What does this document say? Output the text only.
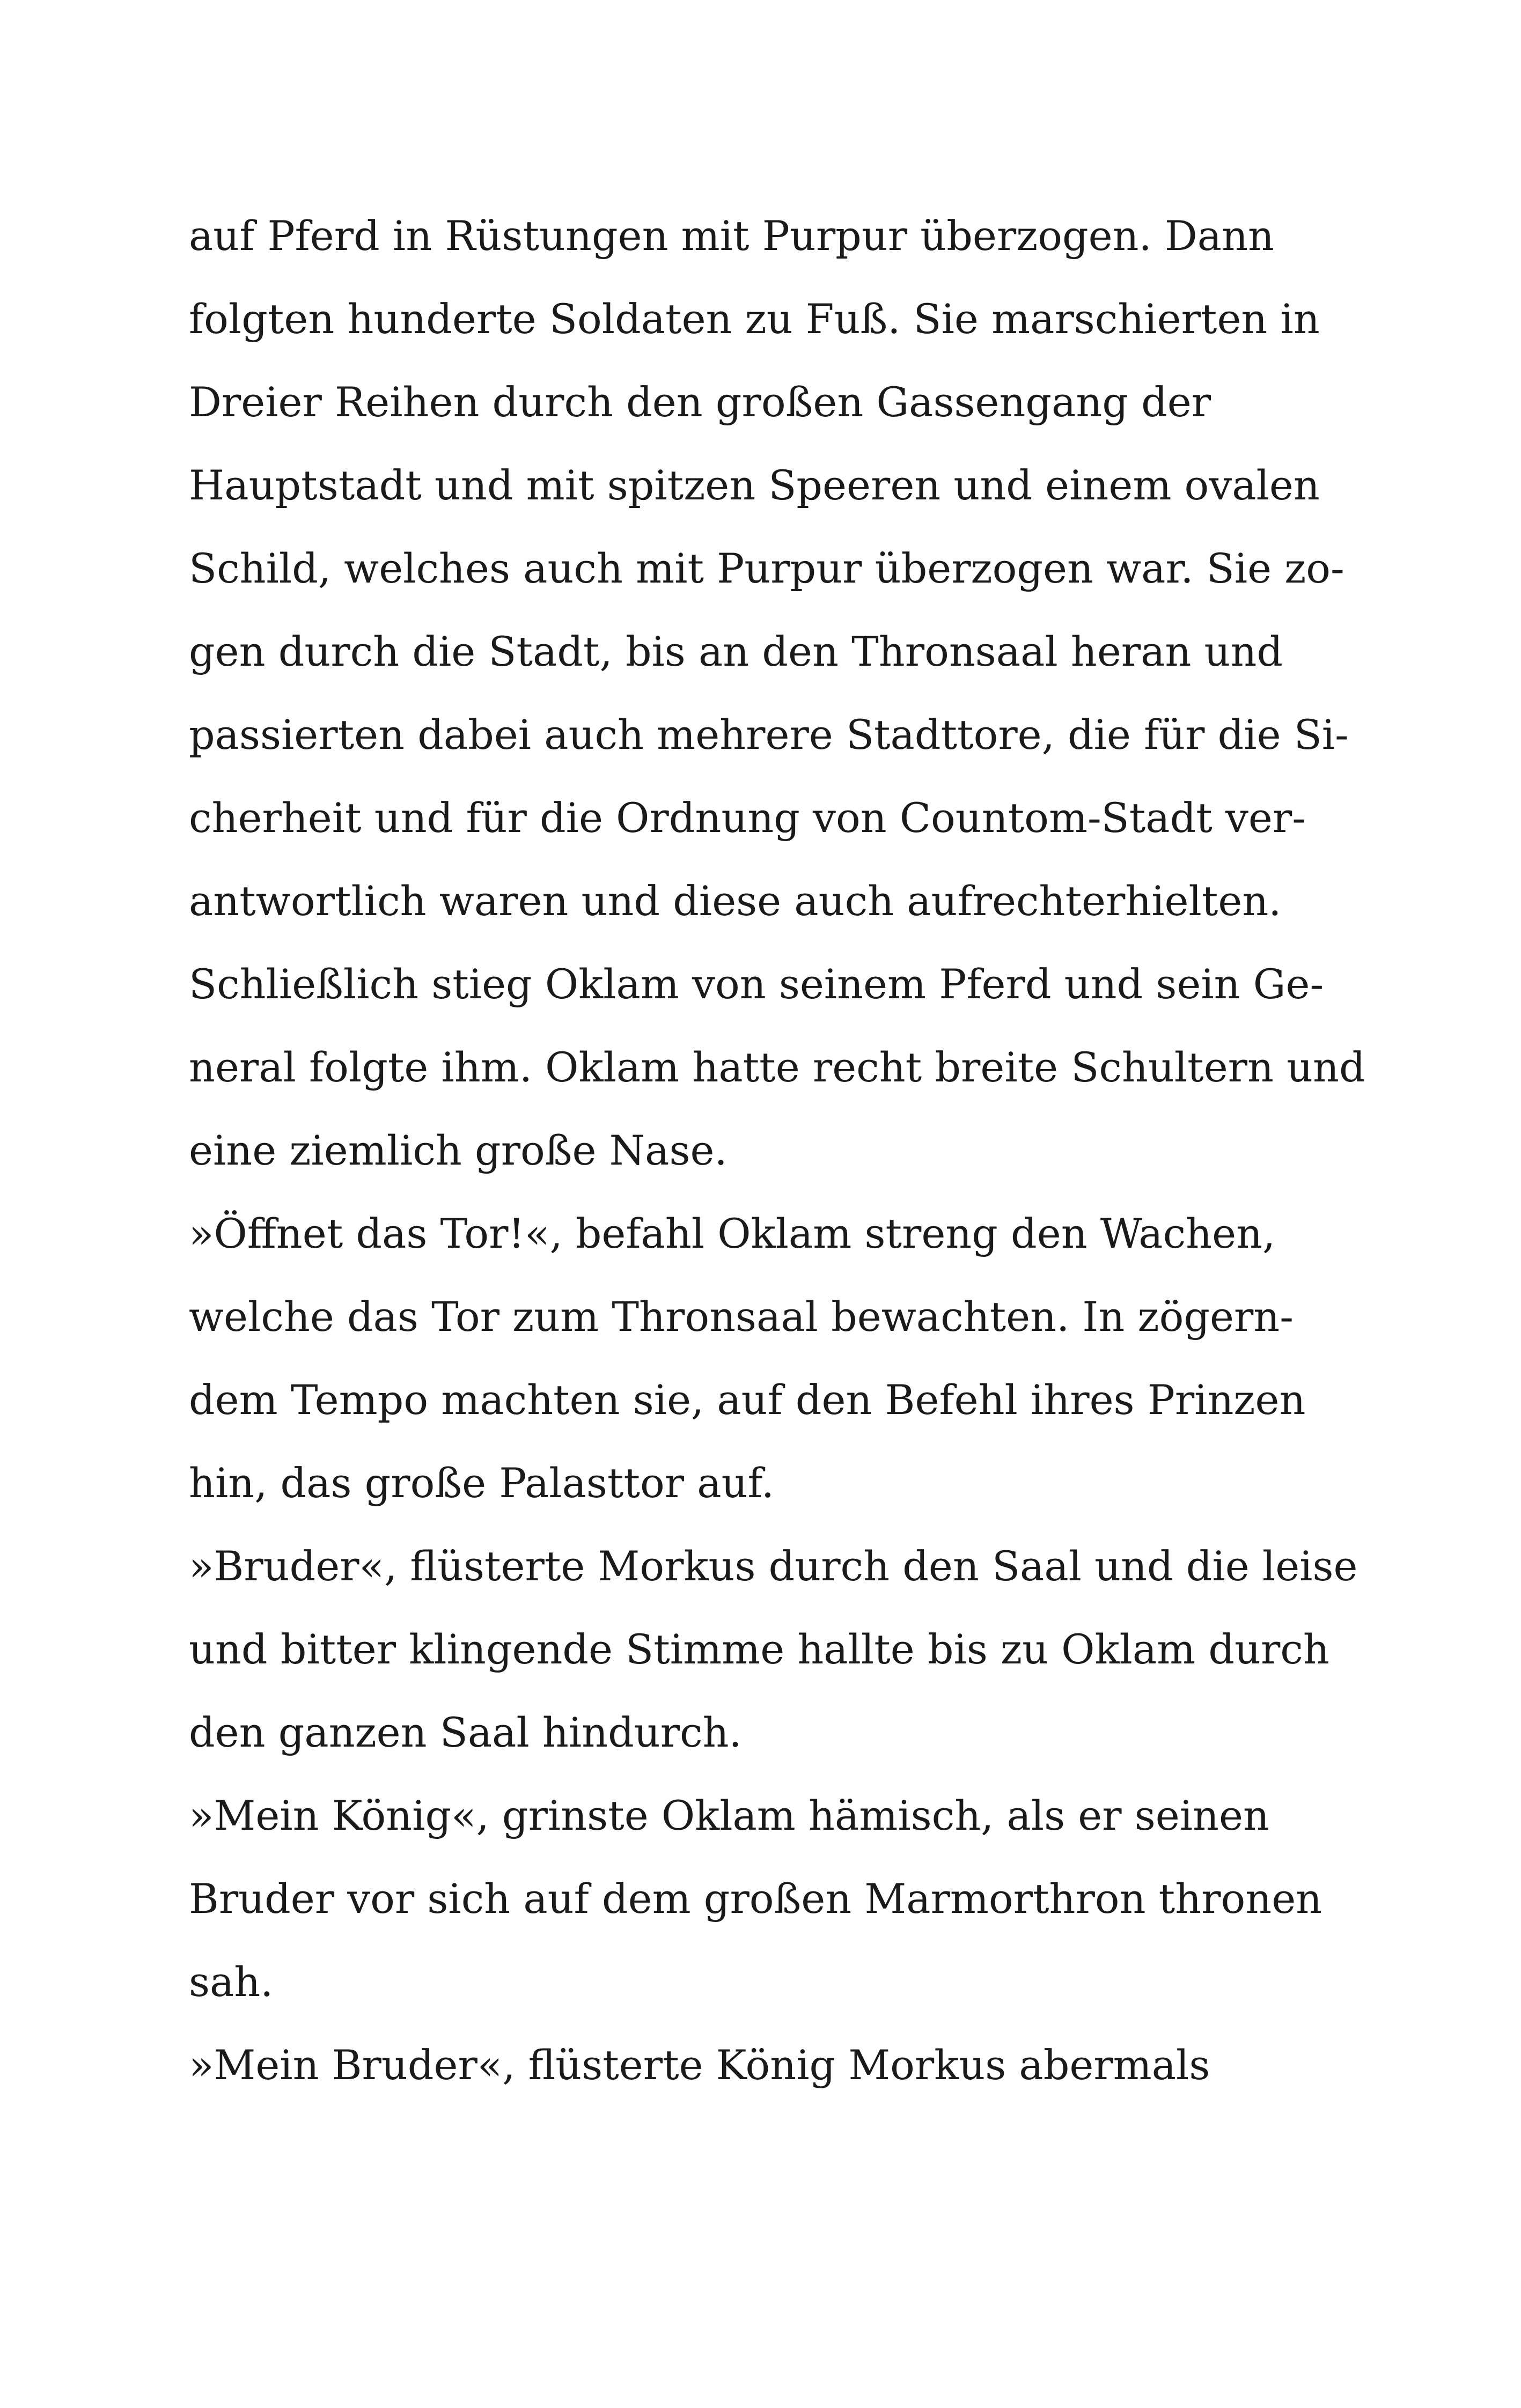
auf Pferd in Rüstungen mit Purpur überzogen. Dann
folgten hunderte Soldaten zu Fuß. Sie marschierten in
Dreier Reihen durch den großen Gassengang der
Hauptstadt und mit spitzen Speeren und einem ovalen
Schild, welches auch mit Purpur überzogen war. Sie zo-
gen durch die Stadt, bis an den Thronsaal heran und
passierten dabei auch mehrere Stadttore, die für die Si-
cherheit und für die Ordnung von Countom-Stadt ver-
antwortlich waren und diese auch aufrechterhielten.
Schließlich stieg Oklam von seinem Pferd und sein Ge-
neral folgte ihm. Oklam hatte recht breite Schultern und
eine ziemlich große Nase.
»Öffnet das Tor!«, befahl Oklam streng den Wachen,
welche das Tor zum Thronsaal bewachten. In zögern-
dem Tempo machten sie, auf den Befehl ihres Prinzen
hin, das große Palasttor auf.
»Bruder«, flüsterte Morkus durch den Saal und die leise
und bitter klingende Stimme hallte bis zu Oklam durch
den ganzen Saal hindurch.
»Mein König«, grinste Oklam hämisch, als er seinen
Bruder vor sich auf dem großen Marmorthron thronen
sah.
»Mein Bruder«, flüsterte König Morkus abermals
